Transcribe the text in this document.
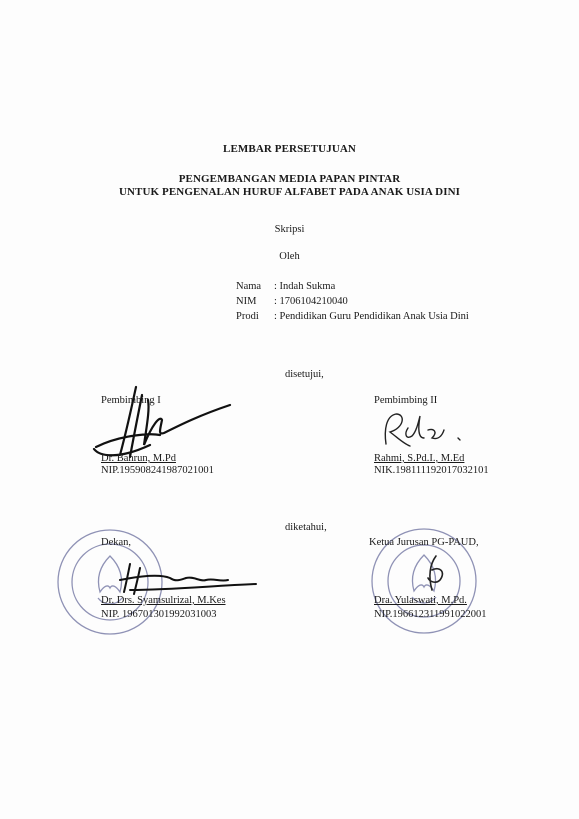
LEMBAR PERSETUJUAN
PENGEMBANGAN MEDIA PAPAN PINTAR
UNTUK PENGENALAN HURUF ALFABET PADA ANAK USIA DINI
Skripsi
Oleh
Nama : Indah Sukma
NIM : 1706104210040
Prodi : Pendidikan Guru Pendidikan Anak Usia Dini
disetujui,
Pembimbing I
Dr. Bahrun, M.Pd
NIP.195908241987021001
Pembimbing II
Rahmi, S.Pd.I., M.Ed
NIK.198111192017032101
diketahui,
Dekan,
Dr. Drs. Syamsulrizal, M.Kes
NIP. 196701301992031003
Ketua Jurusan PG-PAUD,
Dra. Yulaswati, M.Pd.
NIP.196612311991022001
